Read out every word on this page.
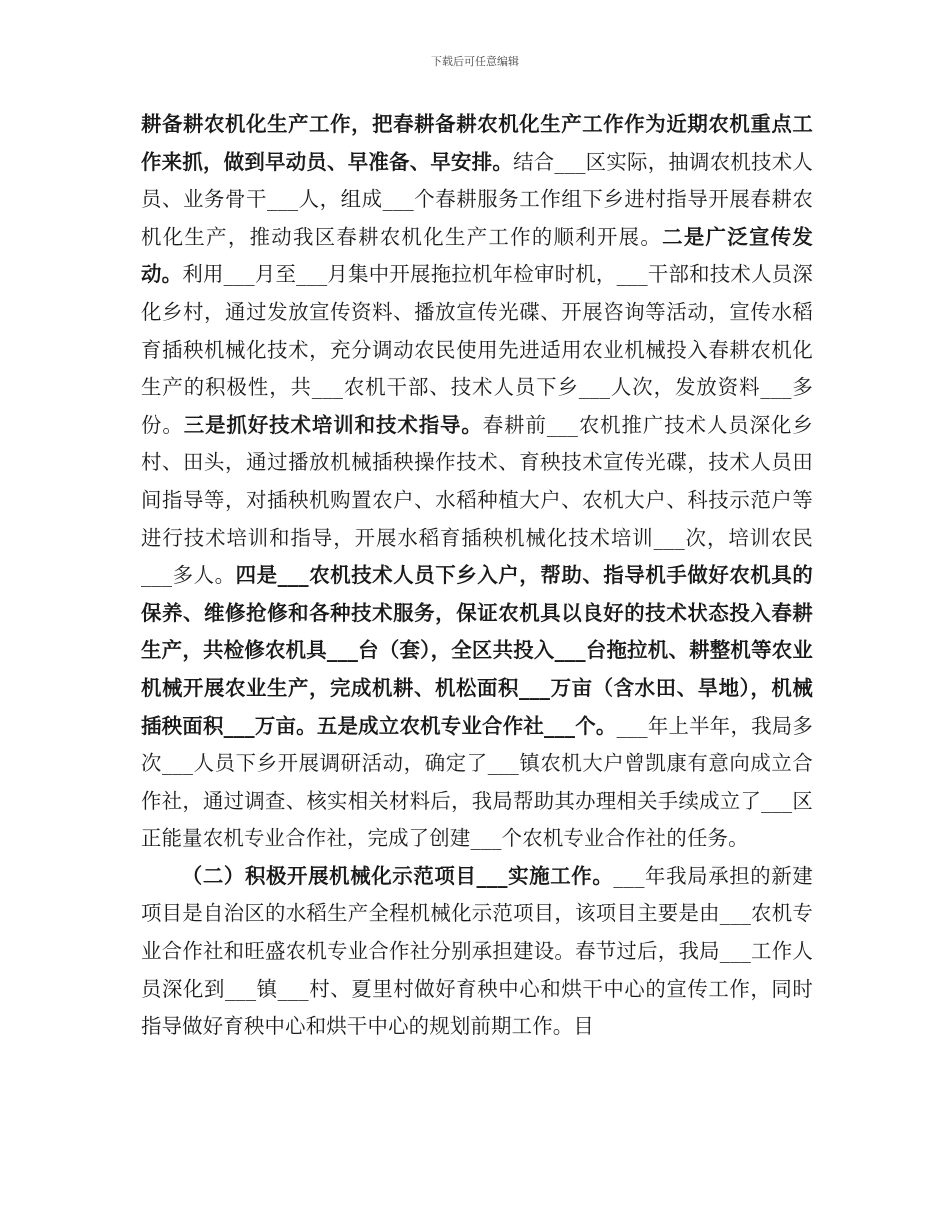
下载后可任意编辑

耕备耕农机化生产工作，把春耕备耕农机化生产工作作为近期农机重点工作来抓，做到早动员、早准备、早安排。结合___区实际，抽调农机技术人员、业务骨干___人，组成___个春耕服务工作组下乡进村指导开展春耕农机化生产，推动我区春耕农机化生产工作的顺利开展。二是广泛宣传发动。利用___月至___月集中开展拖拉机年检审时机，___干部和技术人员深化乡村，通过发放宣传资料、播放宣传光碟、开展咨询等活动，宣传水稻育插秧机械化技术，充分调动农民使用先进适用农业机械投入春耕农机化生产的积极性，共___农机干部、技术人员下乡___人次，发放资料___多份。三是抓好技术培训和技术指导。春耕前___农机推广技术人员深化乡村、田头，通过播放机械插秧操作技术、育秧技术宣传光碟，技术人员田间指导等，对插秧机购置农户、水稻种植大户、农机大户、科技示范户等进行技术培训和指导，开展水稻育插秧机械化技术培训___次，培训农民___多人。四是___农机技术人员下乡入户，帮助、指导机手做好农机具的保养、维修抢修和各种技术服务，保证农机具以良好的技术状态投入春耕生产，共检修农机具___台（套），全区共投入___台拖拉机、耕整机等农业机械开展农业生产，完成机耕、机松面积___万亩（含水田、旱地），机械插秧面积___万亩。五是成立农机专业合作社___个。___年上半年，我局多次___人员下乡开展调研活动，确定了___镇农机大户曾凯康有意向成立合作社，通过调查、核实相关材料后，我局帮助其办理相关手续成立了___区正能量农机专业合作社，完成了创建___个农机专业合作社的任务。

（二）积极开展机械化示范项目___实施工作。___年我局承担的新建项目是自治区的水稻生产全程机械化示范项目，该项目主要是由___农机专业合作社和旺盛农机专业合作社分别承担建设。春节过后，我局___工作人员深化到___镇___村、夏里村做好育秧中心和烘干中心的宣传工作，同时指导做好育秧中心和烘干中心的规划前期工作。目
